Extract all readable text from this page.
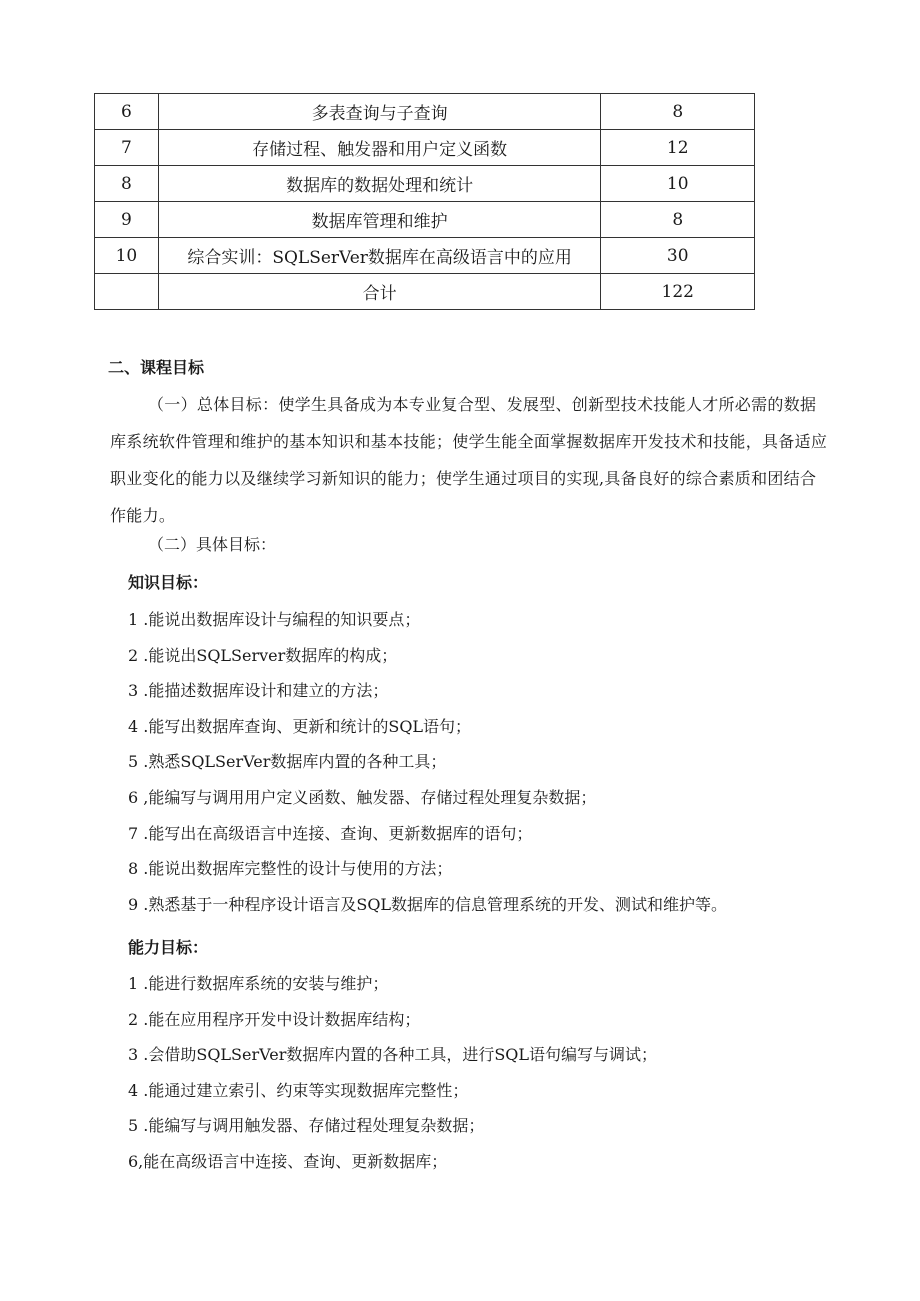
6	多表查询与子查询	8
7	存储过程、触发器和用户定义函数	12
8	数据库的数据处理和统计	10
9	数据库管理和维护	8
10	综合实训：SQLSerVer数据库在高级语言中的应用	30
	合计	122
二、课程目标
（一）总体目标：使学生具备成为本专业复合型、发展型、创新型技术技能人才所必需的数据库系统软件管理和维护的基本知识和基本技能；使学生能全面掌握数据库开发技术和技能，具备适应职业变化的能力以及继续学习新知识的能力；使学生通过项目的实现,具备良好的综合素质和团结合作能力。
（二）具体目标：
知识目标：
1 .能说出数据库设计与编程的知识要点；
2 .能说出SQLServer数据库的构成；
3 .能描述数据库设计和建立的方法；
4 .能写出数据库查询、更新和统计的SQL语句；
5 .熟悉SQLSerVer数据库内置的各种工具；
6 ,能编写与调用用户定义函数、触发器、存储过程处理复杂数据；
7 .能写出在高级语言中连接、查询、更新数据库的语句；
8 .能说出数据库完整性的设计与使用的方法；
9 .熟悉基于一种程序设计语言及SQL数据库的信息管理系统的开发、测试和维护等。
能力目标：
1 .能进行数据库系统的安装与维护；
2 .能在应用程序开发中设计数据库结构；
3 .会借助SQLSerVer数据库内置的各种工具，进行SQL语句编写与调试；
4 .能通过建立索引、约束等实现数据库完整性；
5 .能编写与调用触发器、存储过程处理复杂数据；
6,能在高级语言中连接、查询、更新数据库；
